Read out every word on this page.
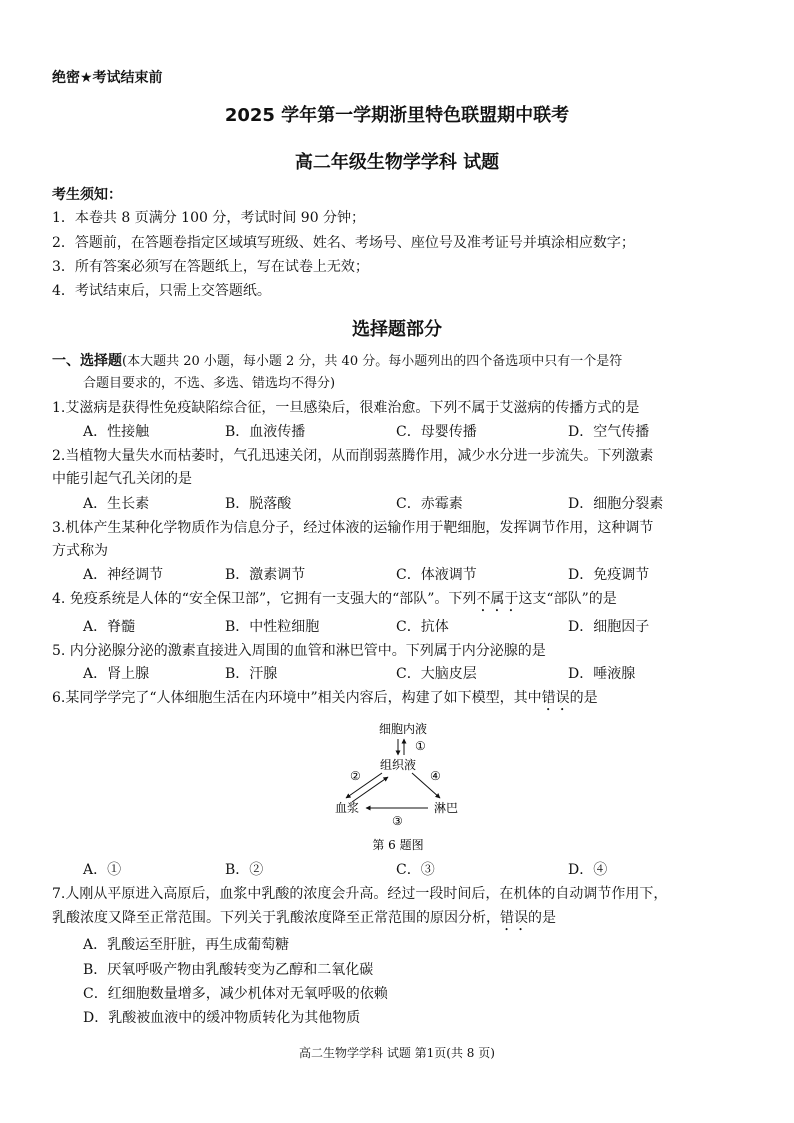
绝密★考试结束前
2025 学年第一学期浙里特色联盟期中联考
高二年级生物学学科 试题
考生须知：
1．本卷共 8 页满分 100 分，考试时间 90 分钟；
2．答题前，在答题卷指定区域填写班级、姓名、考场号、座位号及准考证号并填涂相应数字；
3．所有答案必须写在答题纸上，写在试卷上无效；
4．考试结束后，只需上交答题纸。
选择题部分
一、选择题(本大题共 20 小题，每小题 2 分，共 40 分。每小题列出的四个备选项中只有一个是符
合题目要求的，不选、多选、错选均不得分)
1.艾滋病是获得性免疫缺陷综合征，一旦感染后，很难治愈。下列不属于艾滋病的传播方式的是
A．性接触	B．血液传播	C．母婴传播	D．空气传播
2.当植物大量失水而枯萎时，气孔迅速关闭，从而削弱蒸腾作用，减少水分进一步流失。下列激素
中能引起气孔关闭的是
A．生长素	B．脱落酸	C．赤霉素	D．细胞分裂素
3.机体产生某种化学物质作为信息分子，经过体液的运输作用于靶细胞，发挥调节作用，这种调节
方式称为
A．神经调节	B．激素调节	C．体液调节	D．免疫调节
4. 免疫系统是人体的“安全保卫部”，它拥有一支强大的“部队”。下列不属于这支“部队”的是
A．脊髓	B．中性粒细胞	C．抗体	D．细胞因子
5. 内分泌腺分泌的激素直接进入周围的血管和淋巴管中。下列属于内分泌腺的是
A．肾上腺	B．汗腺	C．大脑皮层	D．唾液腺
6.某同学学完了“人体细胞生活在内环境中”相关内容后，构建了如下模型，其中错误的是
细胞内液
组织液
血浆	淋巴
①
②	④
③
第 6 题图
A．①	B．②	C．③	D．④
7.人刚从平原进入高原后，血浆中乳酸的浓度会升高。经过一段时间后，在机体的自动调节作用下，
乳酸浓度又降至正常范围。下列关于乳酸浓度降至正常范围的原因分析，错误的是
A．乳酸运至肝脏，再生成葡萄糖
B．厌氧呼吸产物由乳酸转变为乙醇和二氧化碳
C．红细胞数量增多，减少机体对无氧呼吸的依赖
D．乳酸被血液中的缓冲物质转化为其他物质
高二生物学学科 试题 第1页(共 8 页)
